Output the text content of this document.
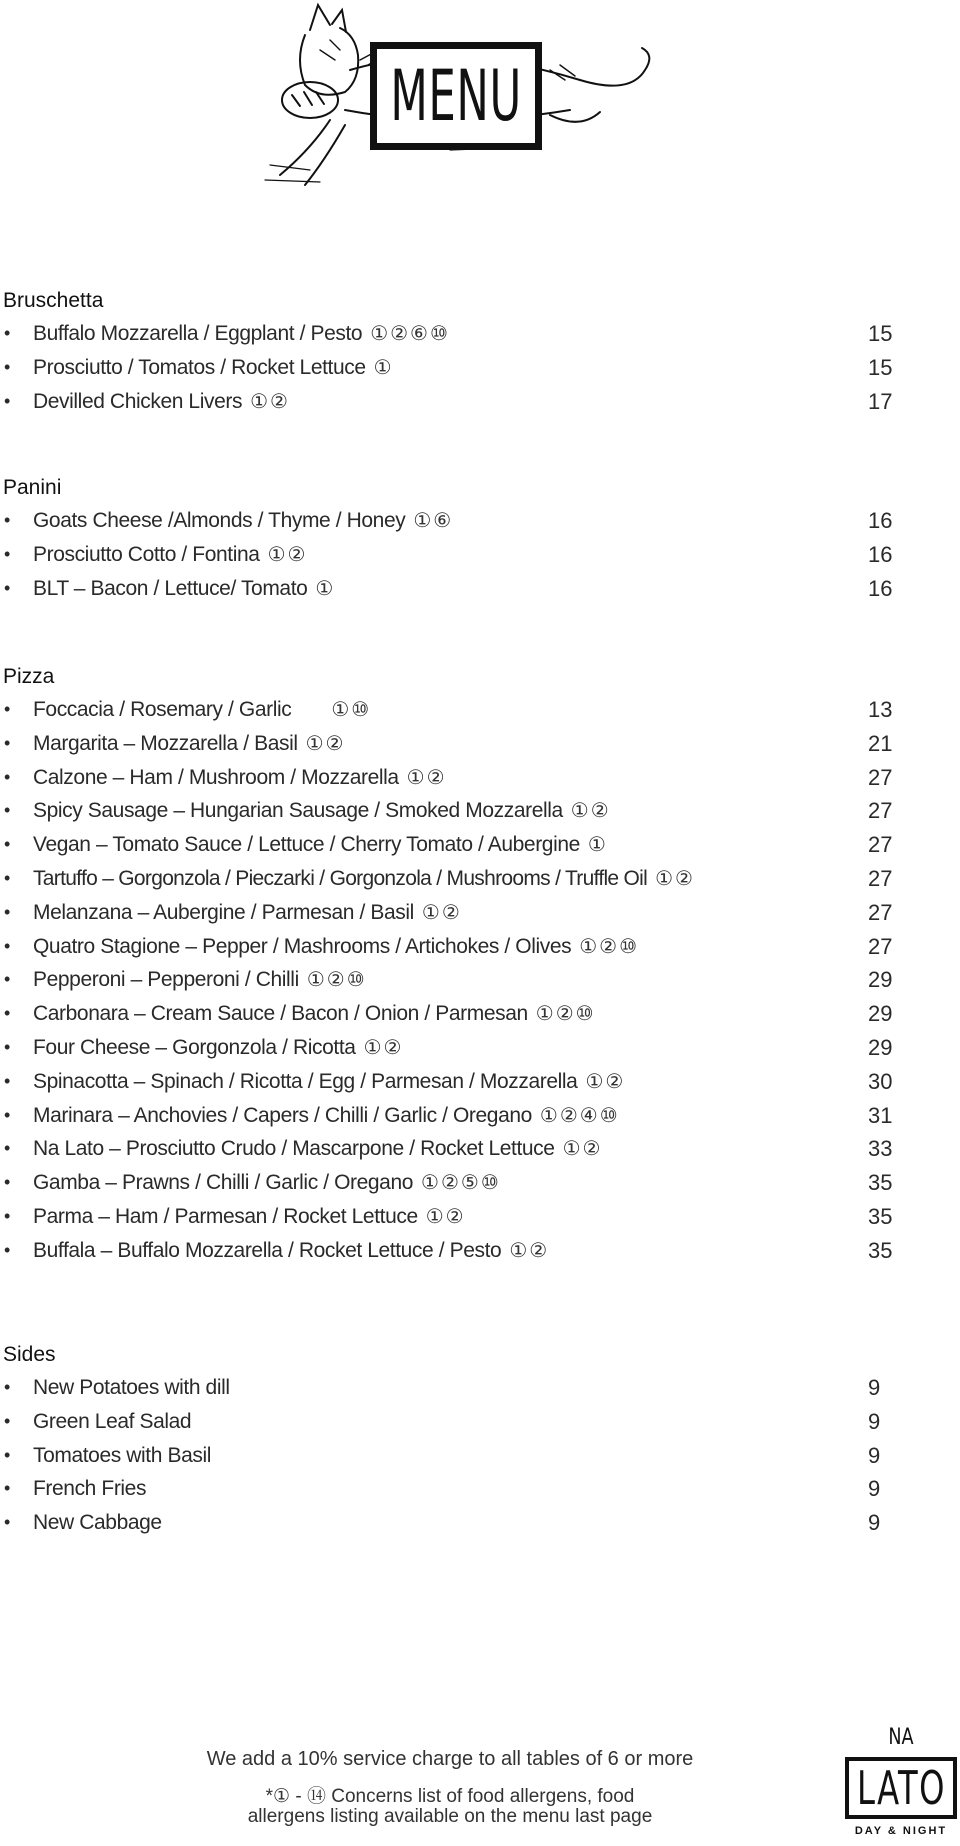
MENU
Bruschetta
• Buffalo Mozzarella / Eggplant / Pesto ①②⑥⑩	15
• Prosciutto / Tomatos / Rocket Lettuce ①	15
• Devilled Chicken Livers ①②	17
Panini
• Goats Cheese /Almonds / Thyme / Honey ①⑥	16
• Prosciutto Cotto / Fontina ①②	16
• BLT – Bacon / Lettuce/ Tomato ①	16
Pizza
• Foccacia / Rosemary / Garlic ①⑩	13
• Margarita – Mozzarella / Basil ①②	21
• Calzone – Ham / Mushroom / Mozzarella ①②	27
• Spicy Sausage – Hungarian Sausage / Smoked Mozzarella ①②	27
• Vegan – Tomato Sauce / Lettuce / Cherry Tomato / Aubergine ①	27
• Tartuffo – Gorgonzola / Pieczarki / Gorgonzola / Mushrooms / Truffle Oil ①②	27
• Melanzana – Aubergine / Parmesan / Basil ①②	27
• Quatro Stagione – Pepper / Mashrooms / Artichokes / Olives ①②⑩	27
• Pepperoni – Pepperoni / Chilli ①②⑩	29
• Carbonara – Cream Sauce / Bacon / Onion / Parmesan ①②⑩	29
• Four Cheese – Gorgonzola / Ricotta ①②	29
• Spinacotta – Spinach / Ricotta / Egg / Parmesan / Mozzarella ①②	30
• Marinara – Anchovies / Capers / Chilli / Garlic / Oregano ①②④⑩	31
• Na Lato – Prosciutto Crudo / Mascarpone / Rocket Lettuce ①②	33
• Gamba – Prawns / Chilli / Garlic / Oregano ①②⑤⑩	35
• Parma – Ham / Parmesan / Rocket Lettuce ①②	35
• Buffala – Buffalo Mozzarella / Rocket Lettuce / Pesto ①②	35
Sides
• New Potatoes with dill	9
• Green Leaf Salad	9
• Tomatoes with Basil	9
• French Fries	9
• New Cabbage	9
We add a 10% service charge to all tables of 6 or more
*① - ⑭ Concerns list of food allergens, food
allergens listing available on the menu last page
NA
LATO
DAY & NIGHT
